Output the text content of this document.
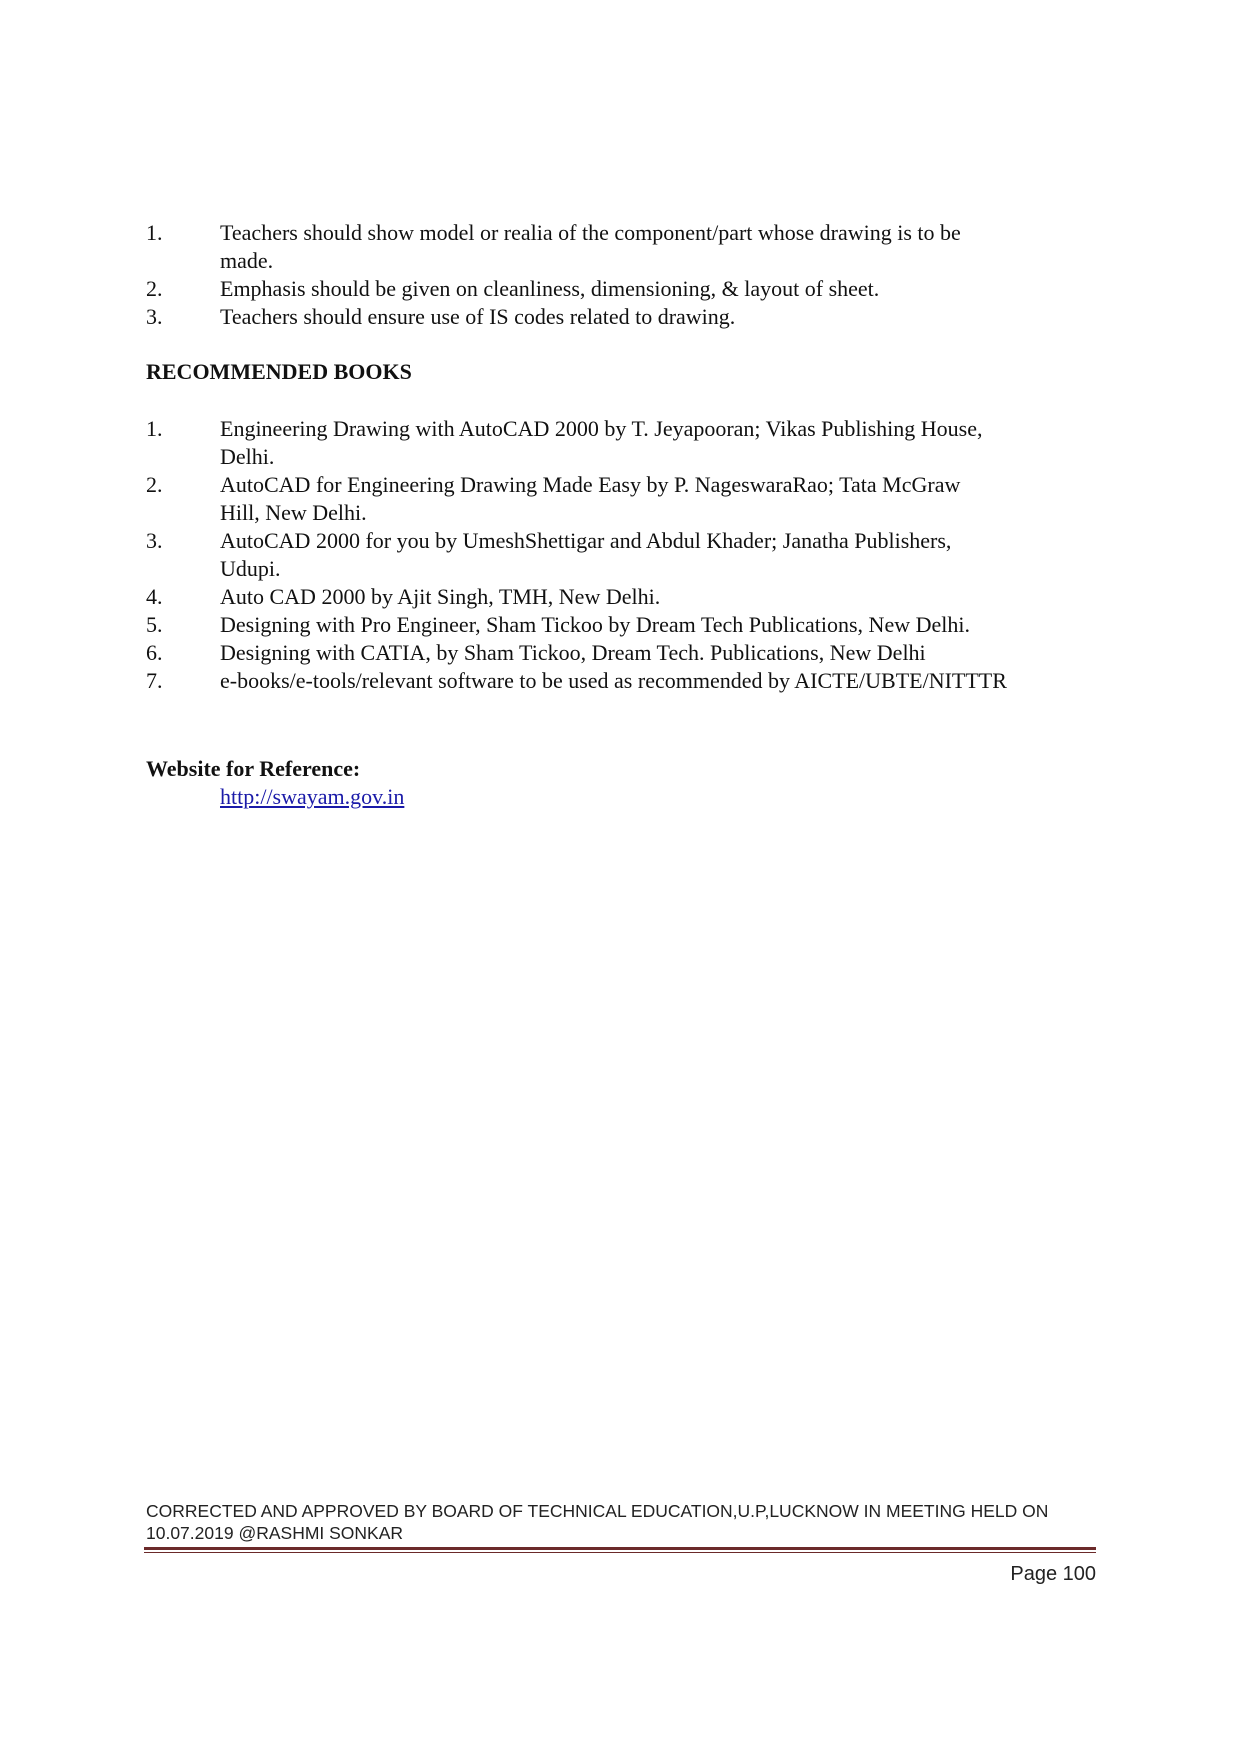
1.	Teachers should show model or realia of the component/part whose drawing is to be made.
2.	Emphasis should be given on cleanliness, dimensioning, & layout of sheet.
3.	Teachers should ensure use of IS codes related to drawing.
RECOMMENDED BOOKS
1.	Engineering Drawing with AutoCAD 2000 by T. Jeyapooran; Vikas Publishing House, Delhi.
2.	AutoCAD for Engineering Drawing Made Easy by P. NageswaraRao; Tata McGraw Hill, New Delhi.
3.	AutoCAD 2000 for you by UmeshShettigar and Abdul Khader; Janatha Publishers, Udupi.
4.	Auto CAD 2000 by Ajit Singh, TMH, New Delhi.
5.	Designing with Pro Engineer, Sham Tickoo by Dream Tech Publications, New Delhi.
6.	Designing with CATIA, by Sham Tickoo, Dream Tech. Publications, New Delhi
7.	e-books/e-tools/relevant software to be used as recommended by AICTE/UBTE/NITTTR
Website for Reference:
http://swayam.gov.in
CORRECTED AND APPROVED BY BOARD OF TECHNICAL EDUCATION,U.P,LUCKNOW IN MEETING HELD ON 10.07.2019 @RASHMI SONKAR
Page 100
